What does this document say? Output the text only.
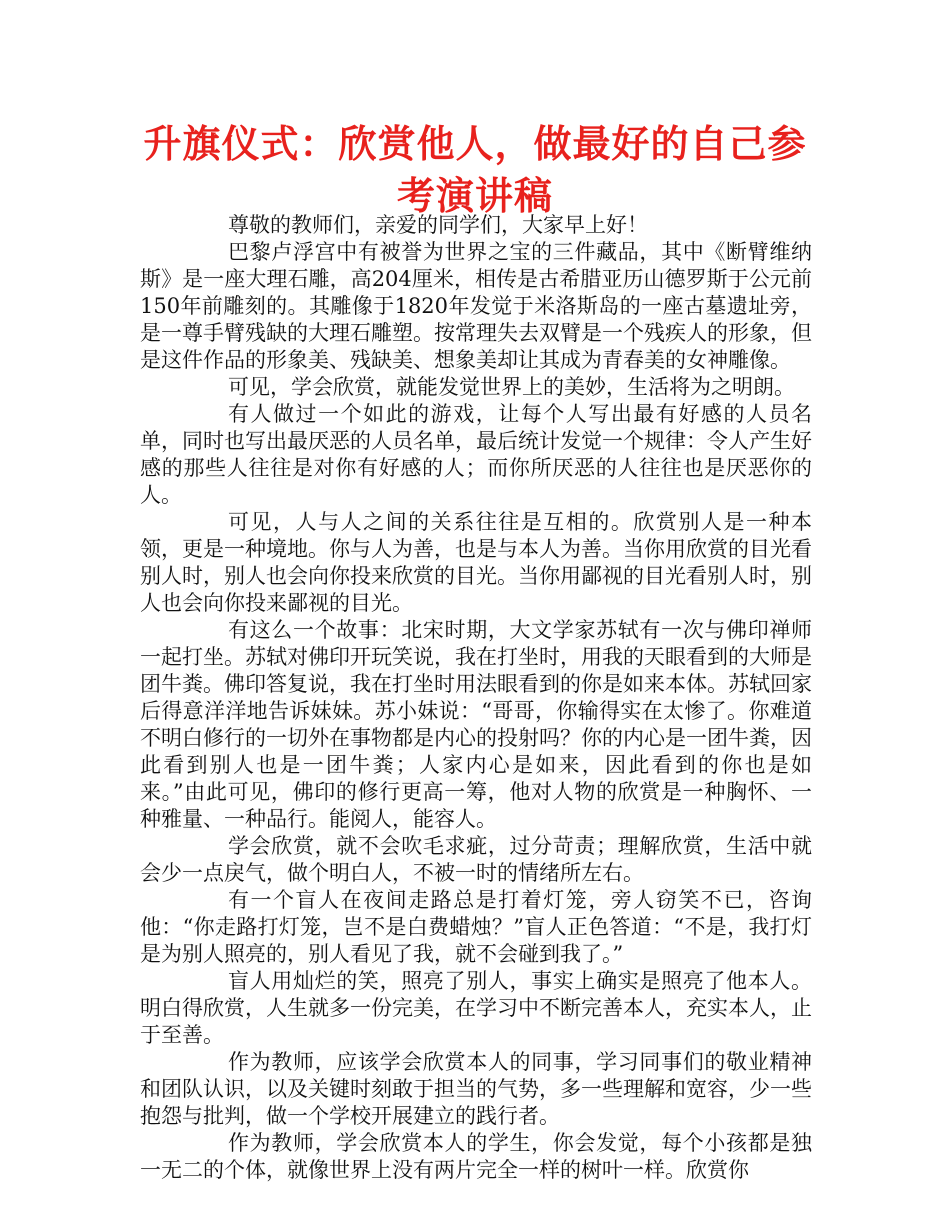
升旗仪式：欣赏他人，做最好的自己参考演讲稿

尊敬的教师们，亲爱的同学们，大家早上好！

巴黎卢浮宫中有被誉为世界之宝的三件藏品，其中《断臂维纳斯》是一座大理石雕，高204厘米，相传是古希腊亚历山德罗斯于公元前150年前雕刻的。其雕像于1820年发觉于米洛斯岛的一座古墓遗址旁，是一尊手臂残缺的大理石雕塑。按常理失去双臂是一个残疾人的形象，但是这件作品的形象美、残缺美、想象美却让其成为青春美的女神雕像。

可见，学会欣赏，就能发觉世界上的美妙，生活将为之明朗。

有人做过一个如此的游戏，让每个人写出最有好感的人员名单，同时也写出最厌恶的人员名单，最后统计发觉一个规律：令人产生好感的那些人往往是对你有好感的人；而你所厌恶的人往往也是厌恶你的人。

可见，人与人之间的关系往往是互相的。欣赏别人是一种本领，更是一种境地。你与人为善，也是与本人为善。当你用欣赏的目光看别人时，别人也会向你投来欣赏的目光。当你用鄙视的目光看别人时，别人也会向你投来鄙视的目光。

有这么一个故事：北宋时期，大文学家苏轼有一次与佛印禅师一起打坐。苏轼对佛印开玩笑说，我在打坐时，用我的天眼看到的大师是团牛粪。佛印答复说，我在打坐时用法眼看到的你是如来本体。苏轼回家后得意洋洋地告诉妹妹。苏小妹说：“哥哥，你输得实在太惨了。你难道不明白修行的一切外在事物都是内心的投射吗？你的内心是一团牛粪，因此看到别人也是一团牛粪；人家内心是如来，因此看到的你也是如来。”由此可见，佛印的修行更高一筹，他对人物的欣赏是一种胸怀、一种雅量、一种品行。能阅人，能容人。

学会欣赏，就不会吹毛求疵，过分苛责；理解欣赏，生活中就会少一点戾气，做个明白人，不被一时的情绪所左右。

有一个盲人在夜间走路总是打着灯笼，旁人窃笑不已，咨询他：“你走路打灯笼，岂不是白费蜡烛？”盲人正色答道：“不是，我打灯是为别人照亮的，别人看见了我，就不会碰到我了。”

盲人用灿烂的笑，照亮了别人，事实上确实是照亮了他本人。明白得欣赏，人生就多一份完美，在学习中不断完善本人，充实本人，止于至善。

作为教师，应该学会欣赏本人的同事，学习同事们的敬业精神和团队认识，以及关键时刻敢于担当的气势，多一些理解和宽容，少一些抱怨与批判，做一个学校开展建立的践行者。

作为教师，学会欣赏本人的学生，你会发觉，每个小孩都是独一无二的个体，就像世界上没有两片完全一样的树叶一样。欣赏你
